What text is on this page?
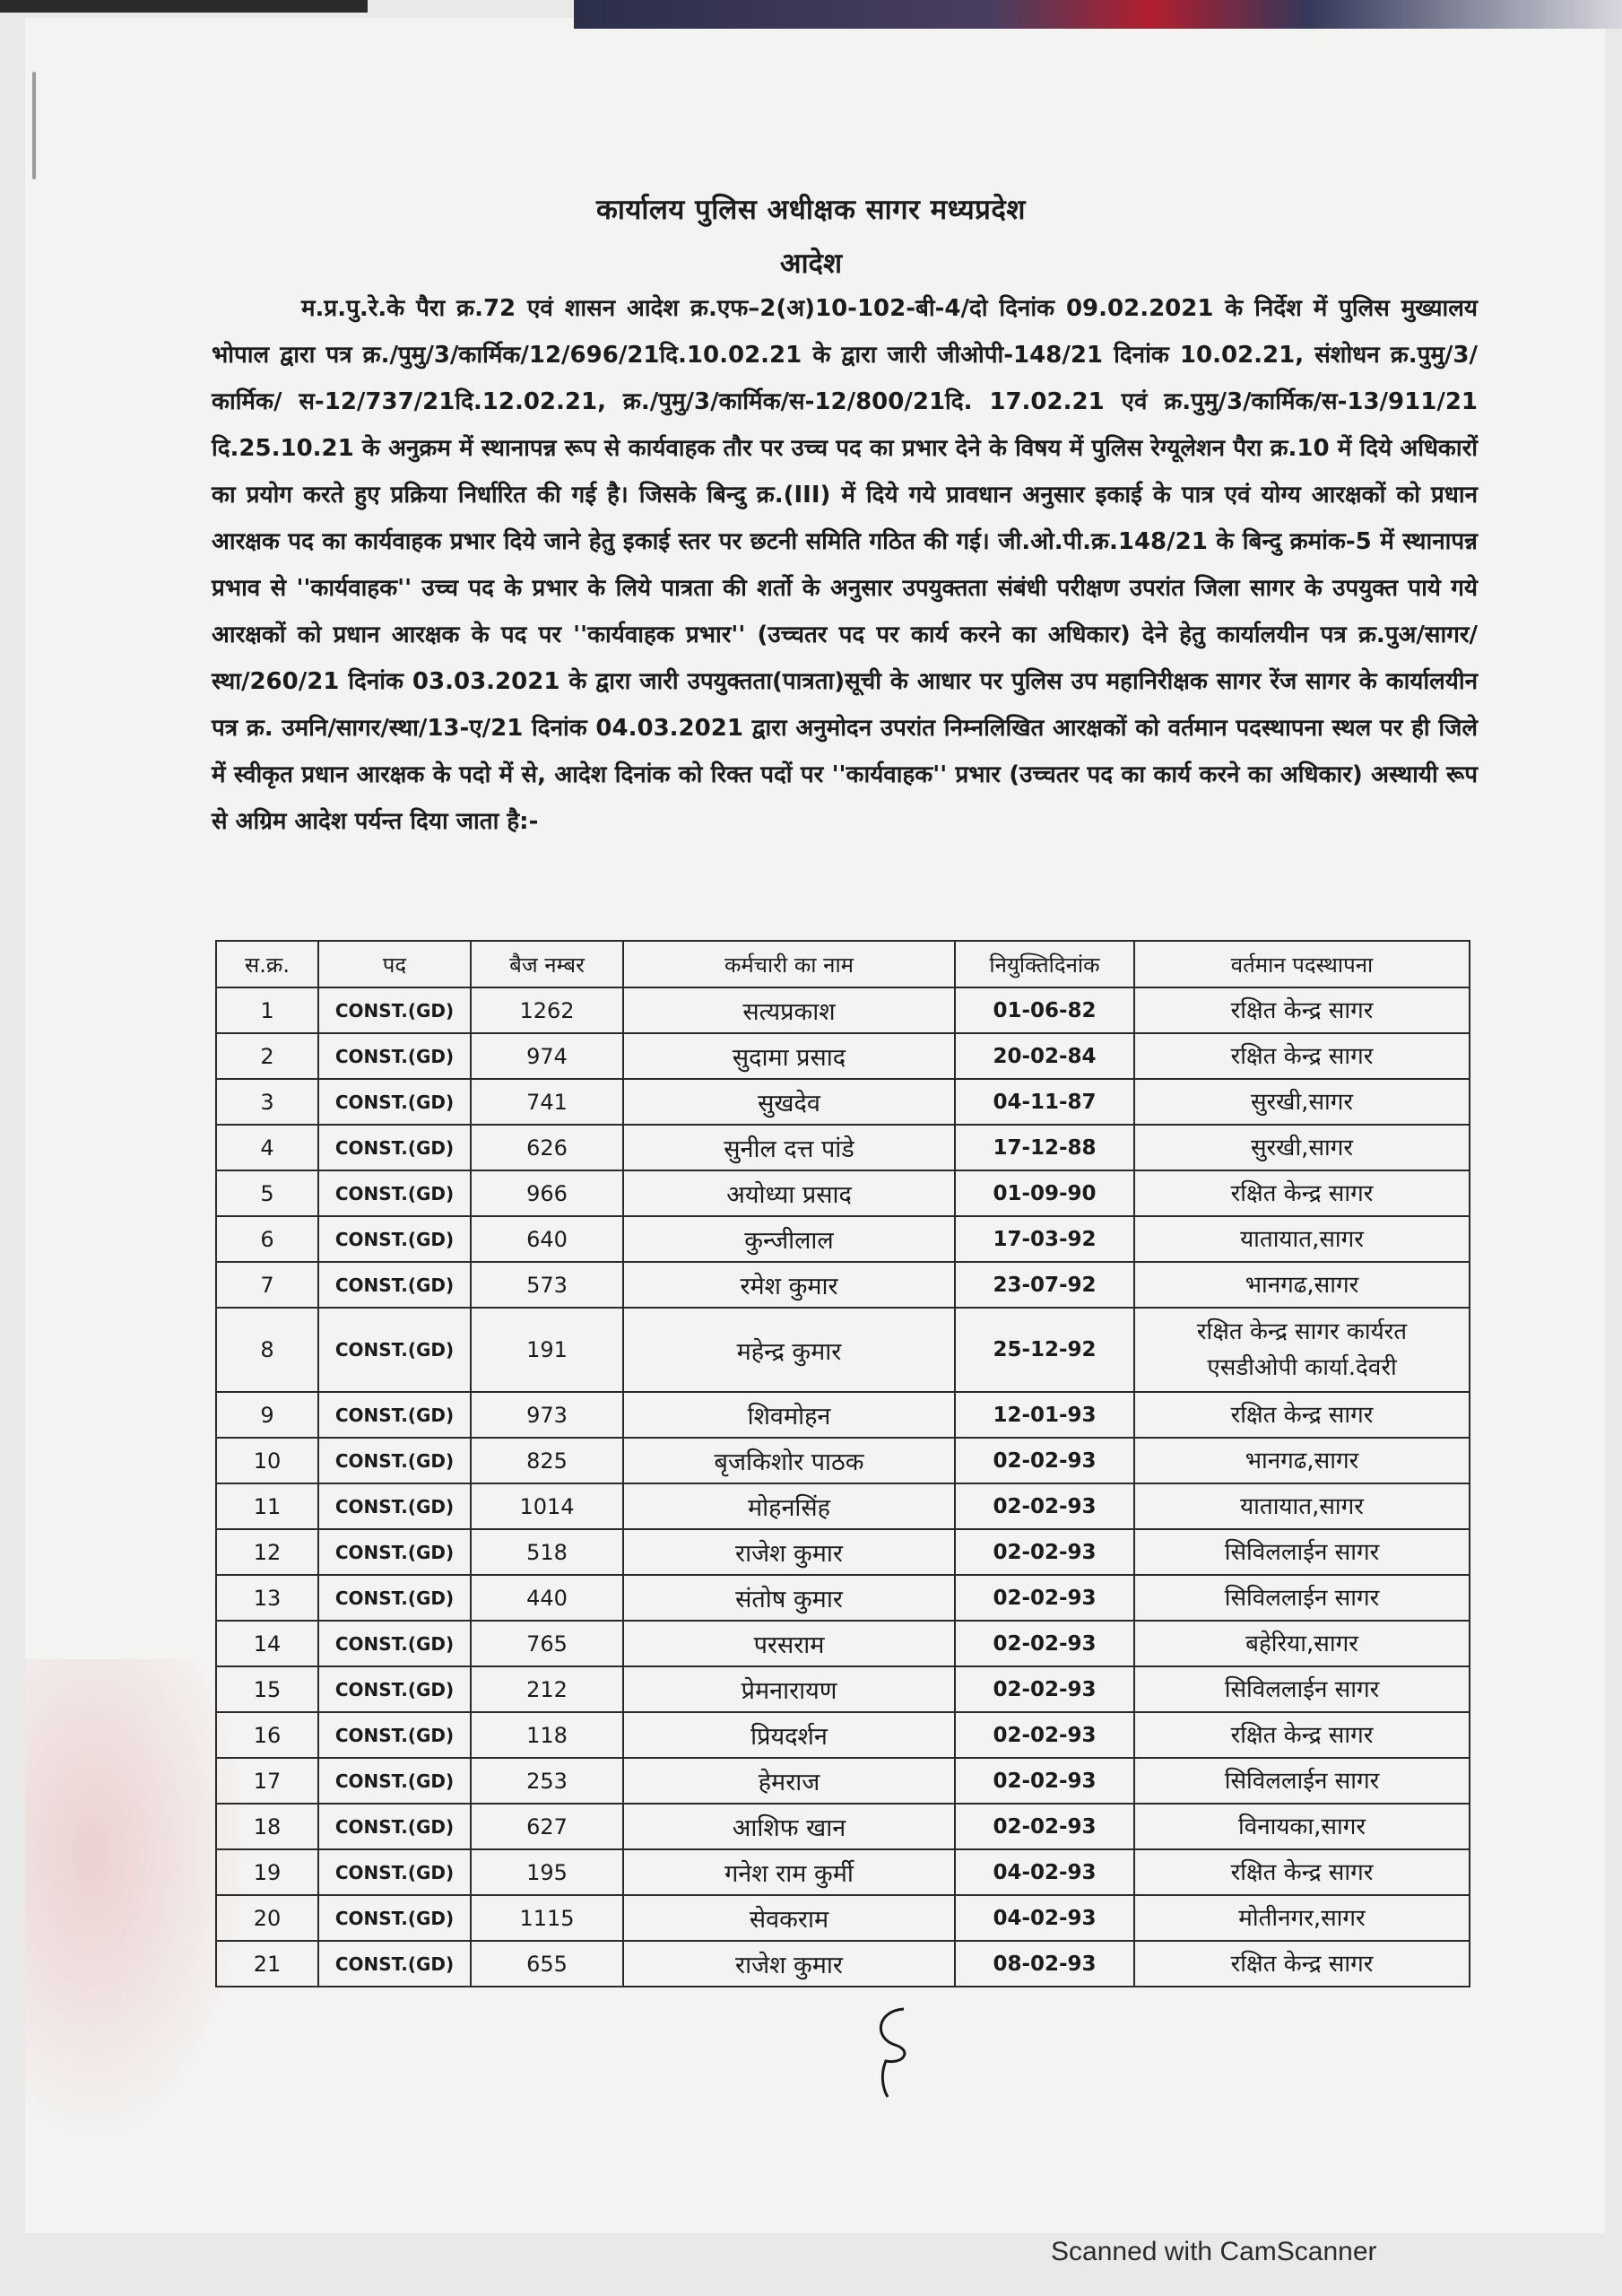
कार्यालय पुलिस अधीक्षक सागर मध्यप्रदेश
आदेश
म.प्र.पु.रे.के पैरा क्र.72 एवं शासन आदेश क्र.एफ–2(अ)10-102-बी-4/दो दिनांक 09.02.2021 के निर्देश में पुलिस मुख्यालय भोपाल द्वारा पत्र क्र./पुमु/3/कार्मिक/12/696/21दि.10.02.21 के द्वारा जारी जीओपी-148/21 दिनांक 10.02.21, संशोधन क्र.पुमु/3/ कार्मिक/ स-12/737/21दि.12.02.21, क्र./पुमु/3/कार्मिक/स-12/800/21दि. 17.02.21 एवं क्र.पुमु/3/कार्मिक/स-13/911/21 दि.25.10.21 के अनुक्रम में स्थानापन्न रूप से कार्यवाहक तौर पर उच्च पद का प्रभार देने के विषय में पुलिस रेग्यूलेशन पैरा क्र.10 में दिये अधिकारों का प्रयोग करते हुए प्रक्रिया निर्धारित की गई है। जिसके बिन्दु क्र.(III) में दिये गये प्रावधान अनुसार इकाई के पात्र एवं योग्य आरक्षकों को प्रधान आरक्षक पद का कार्यवाहक प्रभार दिये जाने हेतु इकाई स्तर पर छटनी समिति गठित की गई। जी.ओ.पी.क्र.148/21 के बिन्दु क्रमांक-5 में स्थानापन्न प्रभाव से ''कार्यवाहक'' उच्च पद के प्रभार के लिये पात्रता की शर्तो के अनुसार उपयुक्तता संबंधी परीक्षण उपरांत जिला सागर के उपयुक्त पाये गये आरक्षकों को प्रधान आरक्षक के पद पर ''कार्यवाहक प्रभार'' (उच्चतर पद पर कार्य करने का अधिकार) देने हेतु कार्यालयीन पत्र क्र.पुअ/सागर/स्था/260/21 दिनांक 03.03.2021 के द्वारा जारी उपयुक्तता(पात्रता)सूची के आधार पर पुलिस उप महानिरीक्षक सागर रेंज सागर के कार्यालयीन पत्र क्र. उमनि/सागर/स्था/13-ए/21 दिनांक 04.03.2021 द्वारा अनुमोदन उपरांत निम्नलिखित आरक्षकों को वर्तमान पदस्थापना स्थल पर ही जिले में स्वीकृत प्रधान आरक्षक के पदो में से, आदेश दिनांक को रिक्त पदों पर ''कार्यवाहक'' प्रभार (उच्चतर पद का कार्य करने का अधिकार) अस्थायी रूप से अग्रिम आदेश पर्यन्त दिया जाता है:-
स.क्र.	पद	बैज नम्बर	कर्मचारी का नाम	नियुक्तिदिनांक	वर्तमान पदस्थापना
1	CONST.(GD)	1262	सत्यप्रकाश	01-06-82	रक्षित केन्द्र सागर
2	CONST.(GD)	974	सुदामा प्रसाद	20-02-84	रक्षित केन्द्र सागर
3	CONST.(GD)	741	सुखदेव	04-11-87	सुरखी,सागर
4	CONST.(GD)	626	सुनील दत्त पांडे	17-12-88	सुरखी,सागर
5	CONST.(GD)	966	अयोध्या प्रसाद	01-09-90	रक्षित केन्द्र सागर
6	CONST.(GD)	640	कुन्जीलाल	17-03-92	यातायात,सागर
7	CONST.(GD)	573	रमेश कुमार	23-07-92	भानगढ,सागर
8	CONST.(GD)	191	महेन्द्र कुमार	25-12-92	रक्षित केन्द्र सागर कार्यरत
एसडीओपी कार्या.देवरी

9	CONST.(GD)	973	शिवमोहन	12-01-93	रक्षित केन्द्र सागर
10	CONST.(GD)	825	बृजकिशोर पाठक	02-02-93	भानगढ,सागर
11	CONST.(GD)	1014	मोहनसिंह	02-02-93	यातायात,सागर
12	CONST.(GD)	518	राजेश कुमार	02-02-93	सिविललाईन सागर
13	CONST.(GD)	440	संतोष कुमार	02-02-93	सिविललाईन सागर
14	CONST.(GD)	765	परसराम	02-02-93	बहेरिया,सागर
15	CONST.(GD)	212	प्रेमनारायण	02-02-93	सिविललाईन सागर
16	CONST.(GD)	118	प्रियदर्शन	02-02-93	रक्षित केन्द्र सागर
17	CONST.(GD)	253	हेमराज	02-02-93	सिविललाईन सागर
18	CONST.(GD)	627	आशिफ खान	02-02-93	विनायका,सागर
19	CONST.(GD)	195	गनेश राम कुर्मी	04-02-93	रक्षित केन्द्र सागर
20	CONST.(GD)	1115	सेवकराम	04-02-93	मोतीनगर,सागर
21	CONST.(GD)	655	राजेश कुमार	08-02-93	रक्षित केन्द्र सागर
Scanned with CamScanner
